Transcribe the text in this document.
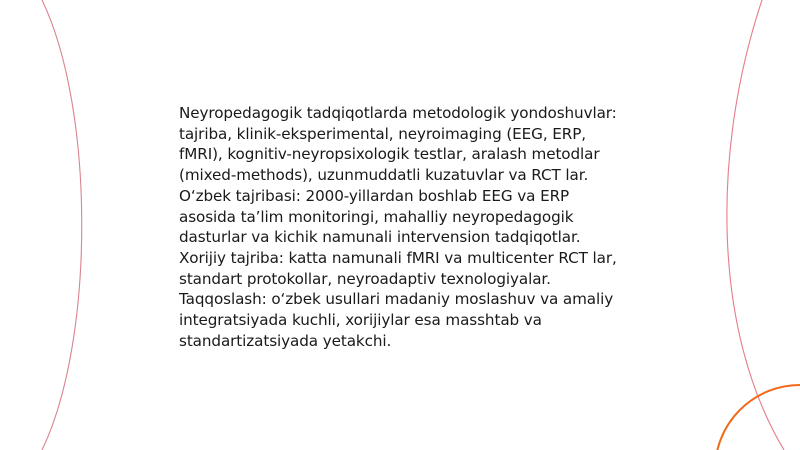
Neyropedagogik tadqiqotlarda metodologik yondoshuvlar: tajriba, klinik-eksperimental, neyroimaging (EEG, ERP, fMRI), kognitiv-neyropsixologik testlar, aralash metodlar (mixed-methods), uzunmuddatli kuzatuvlar va RCT lar. O‘zbek tajribasi: 2000-yillardan boshlab EEG va ERP asosida ta’lim monitoringi, mahalliy neyropedagogik dasturlar va kichik namunali intervension tadqiqotlar. Xorijiy tajriba: katta namunali fMRI va multicenter RCT lar, standart protokollar, neyroadaptiv texnologiyalar. Taqqoslash: o‘zbek usullari madaniy moslashuv va amaliy integratsiyada kuchli, xorijiylar esa masshtab va standartizatsiyada yetakchi.
